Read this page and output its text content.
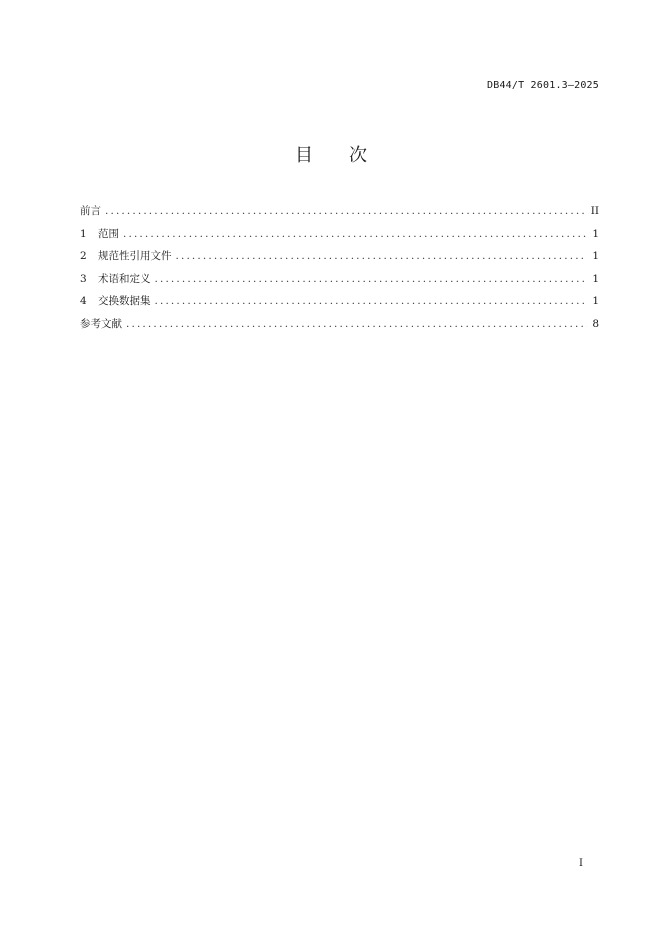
DB44/T 2601.3—2025
目 次
前言 . . .	II
1	范围 . . .	1
2	规范性引用文件 . . .	1
3	术语和定义 . . .	1
4	交换数据集 . . .	1
参考文献 . . .	8
I
